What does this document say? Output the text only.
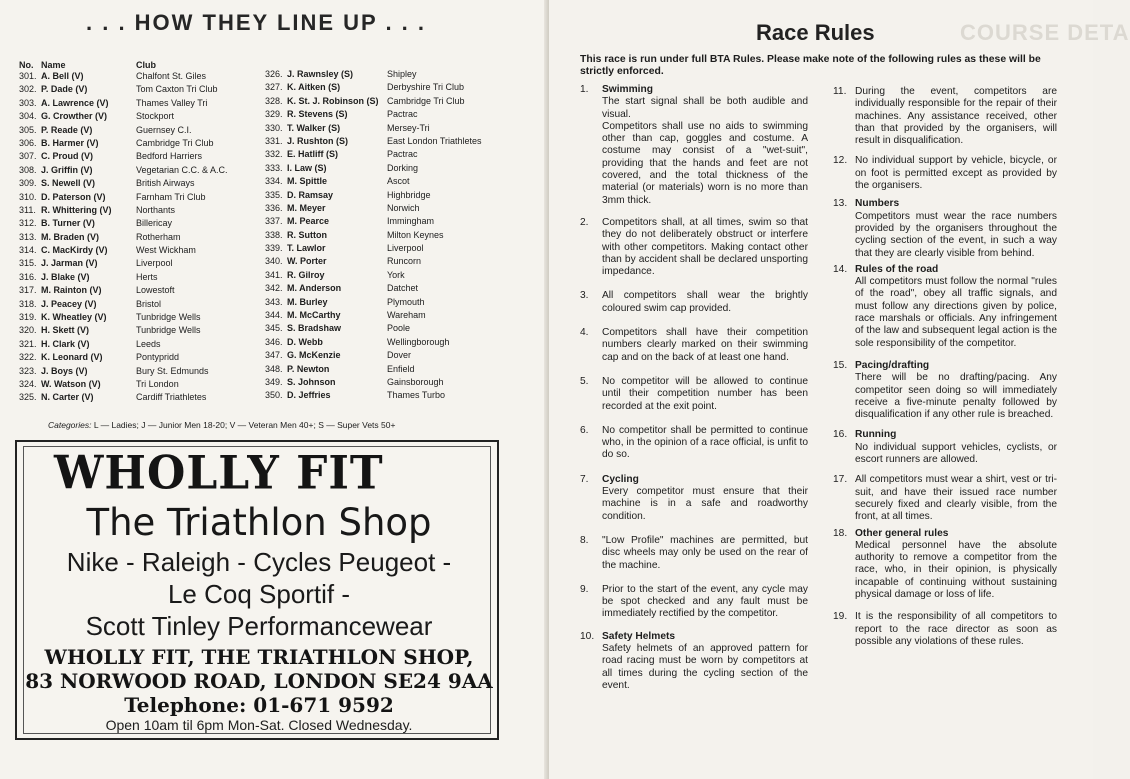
. . . HOW THEY LINE UP . . .
No. Name	Club
301. A. Bell (V)	Chalfont St. Giles
302. P. Dade (V)	Tom Caxton Tri Club
303. A. Lawrence (V)	Thames Valley Tri
304. G. Crowther (V)	Stockport
305. P. Reade (V)	Guernsey C.I.
306. B. Harmer (V)	Cambridge Tri Club
307. C. Proud (V)	Bedford Harriers
308. J. Griffin (V)	Vegetarian C.C. & A.C.
309. S. Newell (V)	British Airways
310. D. Paterson (V)	Farnham Tri Club
311. R. Whittering (V)	Northants
312. B. Turner (V)	Billericay
313. M. Braden (V)	Rotherham
314. C. MacKirdy (V)	West Wickham
315. J. Jarman (V)	Liverpool
316. J. Blake (V)	Herts
317. M. Rainton (V)	Lowestoft
318. J. Peacey (V)	Bristol
319. K. Wheatley (V)	Tunbridge Wells
320. H. Skett (V)	Tunbridge Wells
321. H. Clark (V)	Leeds
322. K. Leonard (V)	Pontypridd
323. J. Boys (V)	Bury St. Edmunds
324. W. Watson (V)	Tri London
325. N. Carter (V)	Cardiff Triathletes
326. J. Rawnsley (S)	Shipley
327. K. Aitken (S)	Derbyshire Tri Club
328. K. St. J. Robinson (S) Cambridge Tri Club
329. R. Stevens (S)	Pactrac
330. T. Walker (S)	Mersey-Tri
331. J. Rushton (S)	East London Triathletes
332. E. Hatliff (S)	Pactrac
333. I. Law (S)	Dorking
334. M. Spittle	Ascot
335. D. Ramsay	Highbridge
336. M. Meyer	Norwich
337. M. Pearce	Immingham
338. R. Sutton	Milton Keynes
339. T. Lawlor	Liverpool
340. W. Porter	Runcorn
341. R. Gilroy	York
342. M. Anderson	Datchet
343. M. Burley	Plymouth
344. M. McCarthy	Wareham
345. S. Bradshaw	Poole
346. D. Webb	Wellingborough
347. G. McKenzie	Dover
348. P. Newton	Enfield
349. S. Johnson	Gainsborough
350. D. Jeffries	Thames Turbo
Categories: L — Ladies; J — Junior Men 18-20; V — Veteran Men 40+; S — Super Vets 50+
WHOLLY FIT
The Triathlon Shop
Nike - Raleigh - Cycles Peugeot -
Le Coq Sportif -
Scott Tinley Performancewear
WHOLLY FIT, THE TRIATHLON SHOP,
83 NORWOOD ROAD, LONDON SE24 9AA
Telephone: 01-671 9592
Open 10am til 6pm Mon-Sat. Closed Wednesday.
COURSE DETA
Race Rules
This race is run under full BTA Rules. Please make note of the following rules as these will be strictly enforced.
1. Swimming
The start signal shall be both audible and visual.
Competitors shall use no aids to swimming other than cap, goggles and costume. A costume may consist of a "wet-suit", providing that the hands and feet are not covered, and the total thickness of the material (or materials) worn is no more than 3mm thick.
2. Competitors shall, at all times, swim so that they do not deliberately obstruct or interfere with other competitors. Making contact other than by accident shall be declared unsporting impedance.
3. All competitors shall wear the brightly coloured swim cap provided.
4. Competitors shall have their competition numbers clearly marked on their swimming cap and on the back of at least one hand.
5. No competitor will be allowed to continue until their competition number has been recorded at the exit point.
6. No competitor shall be permitted to continue who, in the opinion of a race official, is unfit to do so.
7. Cycling
Every competitor must ensure that their machine is in a safe and roadworthy condition.
8. "Low Profile" machines are permitted, but disc wheels may only be used on the rear of the machine.
9. Prior to the start of the event, any cycle may be spot checked and any fault must be immediately rectified by the competitor.
10. Safety Helmets
Safety helmets of an approved pattern for road racing must be worn by competitors at all times during the cycling section of the event.
11. During the event, competitors are individually responsible for the repair of their machines. Any assistance received, other than that provided by the organisers, will result in disqualification.
12. No individual support by vehicle, bicycle, or on foot is permitted except as provided by the organisers.
13. Numbers
Competitors must wear the race numbers provided by the organisers throughout the cycling section of the event, in such a way that they are clearly visible from behind.
14. Rules of the road
All competitors must follow the normal "rules of the road", obey all traffic signals, and must follow any directions given by police, race marshals or officials. Any infringement of the law and subsequent legal action is the sole responsibility of the competitor.
15. Pacing/drafting
There will be no drafting/pacing. Any competitor seen doing so will immediately receive a five-minute penalty followed by disqualification if any other rule is breached.
16. Running
No individual support vehicles, cyclists, or escort runners are allowed.
17. All competitors must wear a shirt, vest or tri-suit, and have their issued race number securely fixed and clearly visible, from the front, at all times.
18. Other general rules
Medical personnel have the absolute authority to remove a competitor from the race, who, in their opinion, is physically incapable of continuing without sustaining physical damage or loss of life.
19. It is the responsibility of all competitors to report to the race director as soon as possible any violations of these rules.
